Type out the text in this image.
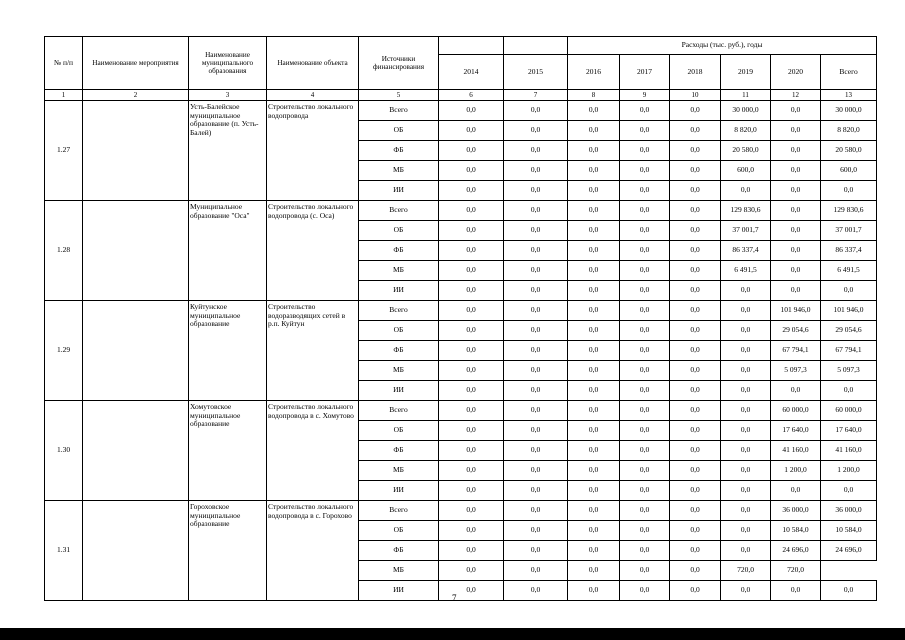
№ п/п	Наименование мероприятия	Наименование муниципального образования	Наименование объекта	Источники финансирования			Расходы (тыс. руб.), годы					
					2014	2015	2016	2017	2018	2019	2020	Всего
1	2	3	4	5	6	7	8	9	10	11	12	13
1.27		Усть-Балейское муниципальное образование (п. Усть-Балей)	Строительство локального водопровода	Всего	0,0	0,0	0,0	0,0	0,0	30 000,0	0,0	30 000,0
				ОБ	0,0	0,0	0,0	0,0	0,0	8 820,0	0,0	8 820,0
				ФБ	0,0	0,0	0,0	0,0	0,0	20 580,0	0,0	20 580,0
				МБ	0,0	0,0	0,0	0,0	0,0	600,0	0,0	600,0
				ИИ	0,0	0,0	0,0	0,0	0,0	0,0	0,0	0,0
1.28		Муниципальное образование "Оса"	Строительство локального водопровода (с. Оса)	Всего	0,0	0,0	0,0	0,0	0,0	129 830,6	0,0	129 830,6
				ОБ	0,0	0,0	0,0	0,0	0,0	37 001,7	0,0	37 001,7
				ФБ	0,0	0,0	0,0	0,0	0,0	86 337,4	0,0	86 337,4
				МБ	0,0	0,0	0,0	0,0	0,0	6 491,5	0,0	6 491,5
				ИИ	0,0	0,0	0,0	0,0	0,0	0,0	0,0	0,0
1.29		Куйтунское муниципальное образование	Строительство водоразводящих сетей в р.п. Куйтун	Всего	0,0	0,0	0,0	0,0	0,0	0,0	101 946,0	101 946,0
				ОБ	0,0	0,0	0,0	0,0	0,0	0,0	29 054,6	29 054,6
				ФБ	0,0	0,0	0,0	0,0	0,0	0,0	67 794,1	67 794,1
				МБ	0,0	0,0	0,0	0,0	0,0	0,0	5 097,3	5 097,3
				ИИ	0,0	0,0	0,0	0,0	0,0	0,0	0,0	0,0
1.30		Хомутовское муниципальное образование	Строительство локального водопровода в с. Хомутово	Всего	0,0	0,0	0,0	0,0	0,0	0,0	60 000,0	60 000,0
				ОБ	0,0	0,0	0,0	0,0	0,0	0,0	17 640,0	17 640,0
				ФБ	0,0	0,0	0,0	0,0	0,0	0,0	41 160,0	41 160,0
				МБ	0,0	0,0	0,0	0,0	0,0	0,0	1 200,0	1 200,0
				ИИ	0,0	0,0	0,0	0,0	0,0	0,0	0,0	0,0
1.31		Гороховское муниципальное образование	Строительство локального водопровода в с. Горохово	Всего	0,0	0,0	0,0	0,0	0,0	0,0	36 000,0	36 000,0
				ОБ	0,0	0,0	0,0	0,0	0,0	0,0	10 584,0	10 584,0
				ФБ	0,0	0,0	0,0	0,0	0,0	0,0	24 696,0	24 696,0
				МБ	0,0	0,0	0,0	0,0	0,0	720,0	720,0	
				ИИ	0,0	0,0	0,0	0,0	0,0	0,0	0,0	0,0
7
